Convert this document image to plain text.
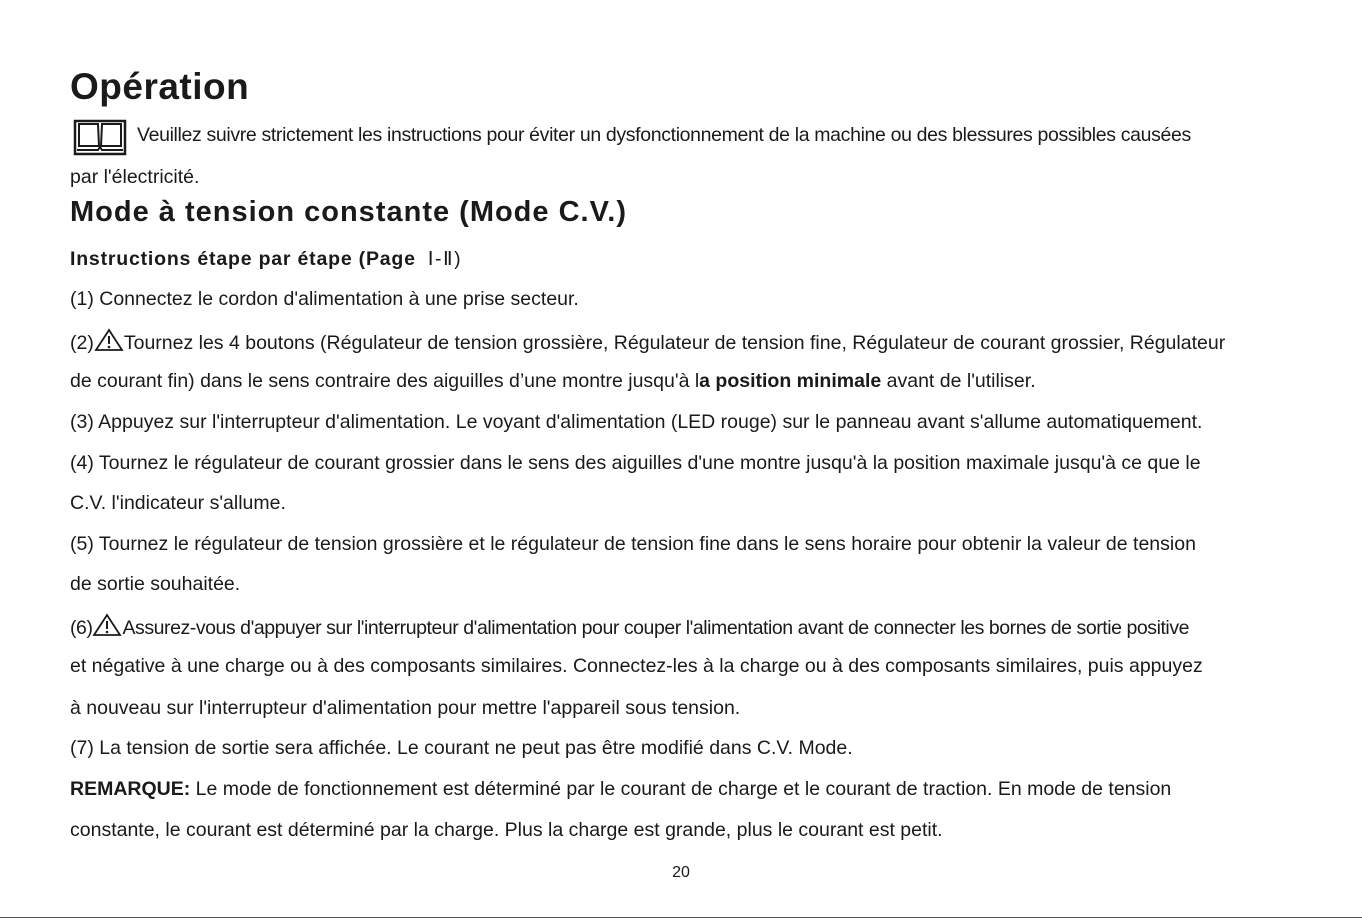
Opération
Veuillez suivre strictement les instructions pour éviter un dysfonctionnement de la machine ou des blessures possibles causées
par l'électricité.
Mode à tension constante (Mode C.V.)
Instructions étape par étape (Page Ⅰ-Ⅱ)
(1) Connectez le cordon d'alimentation à une prise secteur.
(2) Tournez les 4 boutons (Régulateur de tension grossière, Régulateur de tension fine, Régulateur de courant grossier, Régulateur
de courant fin) dans le sens contraire des aiguilles d’une montre jusqu'à la position minimale avant de l'utiliser.
(3) Appuyez sur l'interrupteur d'alimentation. Le voyant d'alimentation (LED rouge) sur le panneau avant s'allume automatiquement.
(4) Tournez le régulateur de courant grossier dans le sens des aiguilles d'une montre jusqu'à la position maximale jusqu'à ce que le
C.V. l'indicateur s'allume.
(5) Tournez le régulateur de tension grossière et le régulateur de tension fine dans le sens horaire pour obtenir la valeur de tension
de sortie souhaitée.
(6) Assurez-vous d'appuyer sur l'interrupteur d'alimentation pour couper l'alimentation avant de connecter les bornes de sortie positive
et négative à une charge ou à des composants similaires. Connectez-les à la charge ou à des composants similaires, puis appuyez
à nouveau sur l'interrupteur d'alimentation pour mettre l'appareil sous tension.
(7) La tension de sortie sera affichée. Le courant ne peut pas être modifié dans C.V. Mode.
REMARQUE: Le mode de fonctionnement est déterminé par le courant de charge et le courant de traction. En mode de tension
constante, le courant est déterminé par la charge. Plus la charge est grande, plus le courant est petit.
20
